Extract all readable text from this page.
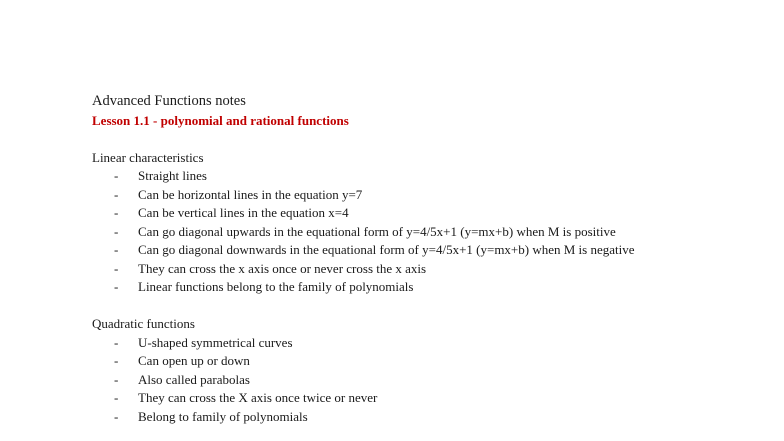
Advanced Functions notes

Lesson 1.1 - polynomial and rational functions

Linear characteristics

- Straight lines
- Can be horizontal lines in the equation y=7
- Can be vertical lines in the equation x=4
- Can go diagonal upwards in the equational form of y=4/5x+1 (y=mx+b) when M is positive
- Can go diagonal downwards in the equational form of y=4/5x+1 (y=mx+b) when M is negative
- They can cross the x axis once or never cross the x axis
- Linear functions belong to the family of polynomials

Quadratic functions

- U-shaped symmetrical curves
- Can open up or down
- Also called parabolas
- They can cross the X axis once twice or never
- Belong to family of polynomials
